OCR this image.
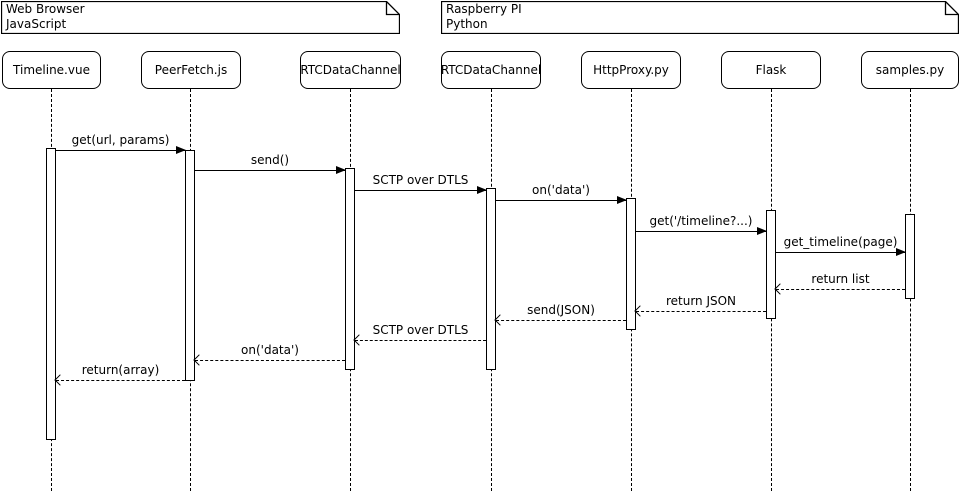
Web Browser
JavaScript
Raspberry PI
Python
Timeline.vue	PeerFetch.js	RTCDataChannel	RTCDataChannel	HttpProxy.py	Flask	samples.py
get(url, params)
send()
SCTP over DTLS
on('data')
get('/timeline?...)
get_timeline(page)
return list
return JSON
send(JSON)
SCTP over DTLS
on('data')
return(array)
